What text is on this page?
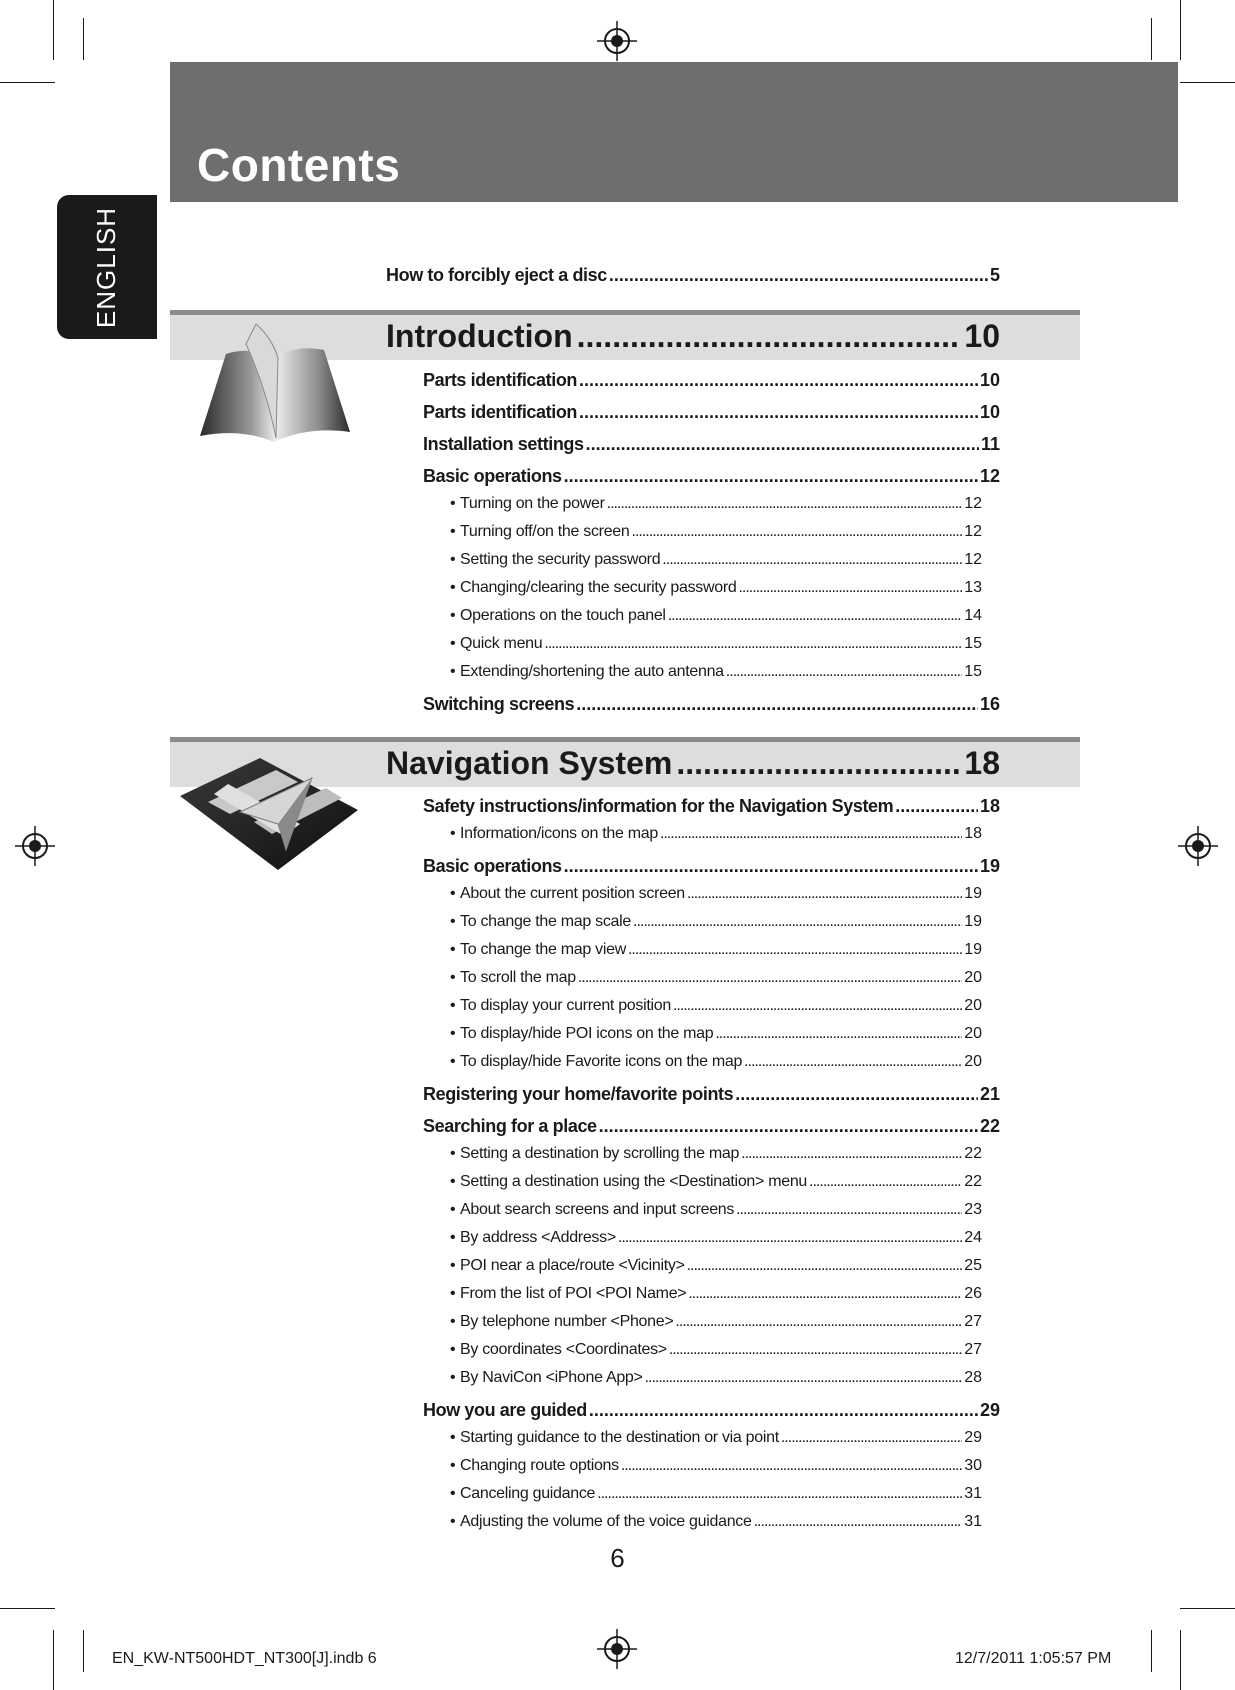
Contents
ENGLISH	How to forcibly eject a disc .....	5
Introduction .....	10
Parts identification .....	10
Parts identification .....	10
Installation settings .....	11
Basic operations .....	12
• Turning on the power .....	12
• Turning off/on the screen .....	12
• Setting the security password .....	12
• Changing/clearing the security password .....	13
• Operations on the touch panel .....	14
• Quick menu .....	15
• Extending/shortening the auto antenna .....	15
Switching screens .....	16
Navigation System .....	18
Safety instructions/information for the Navigation System .....	18
• Information/icons on the map .....	18
Basic operations .....	19
• About the current position screen .....	19
• To change the map scale .....	19
• To change the map view .....	19
• To scroll the map .....	20
• To display your current position .....	20
• To display/hide POI icons on the map .....	20
• To display/hide Favorite icons on the map .....	20
Registering your home/favorite points .....	21
Searching for a place .....	22
• Setting a destination by scrolling the map .....	22
• Setting a destination using the <Destination> menu .....	22
• About search screens and input screens .....	23
• By address <Address> .....	24
• POI near a place/route <Vicinity> .....	25
• From the list of POI <POI Name> .....	26
• By telephone number <Phone> .....	27
• By coordinates <Coordinates> .....	27
• By NaviCon <iPhone App> .....	28
How you are guided .....	29
• Starting guidance to the destination or via point .....	29
• Changing route options .....	30
• Canceling guidance .....	31
• Adjusting the volume of the voice guidance .....	31
6
EN_KW-NT500HDT_NT300[J].indb 6	12/7/2011 1:05:57 PM
